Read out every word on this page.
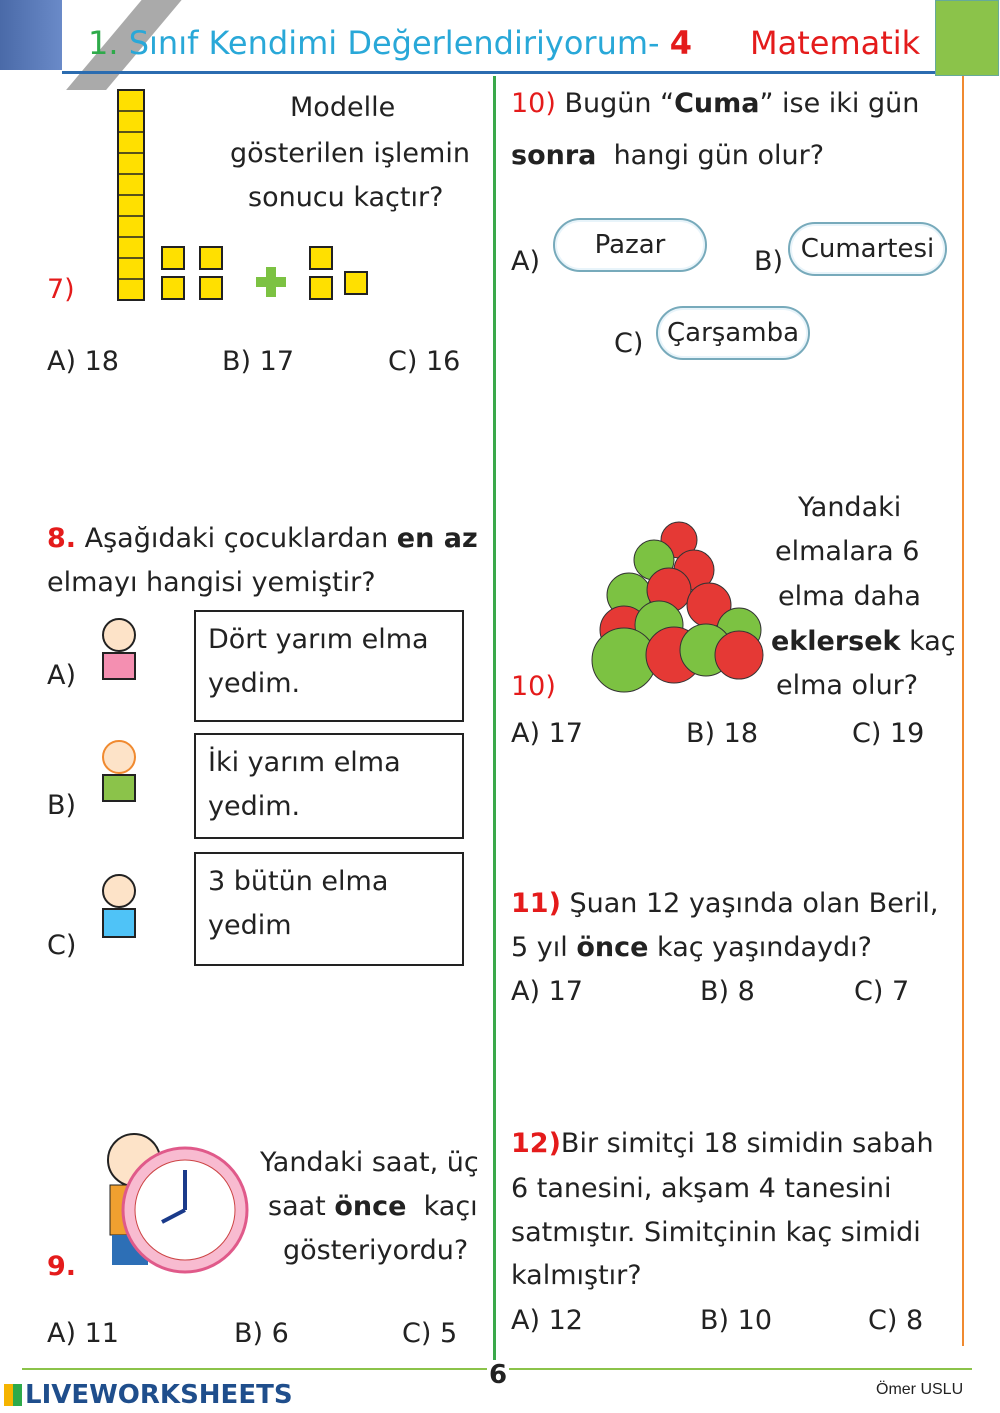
1. Sınıf Kendimi Değerlendiriyorum- 4 Matematik
Modelle
gösterilen işlemin
sonucu kaçtır?
7)
A) 18	B) 17	C) 16
8. Aşağıdaki çocuklardan en az
elmayı hangisi yemiştir?
A)
Dört yarım elma
yedim.
B)
İki yarım elma
yedim.
C)
3 bütün elma
yedim
9.
Yandaki saat, üç
saat önce kaçı
gösteriyordu?
A) 11	B) 6	C) 5
10) Bugün “Cuma” ise iki gün
sonra hangi gün olur?
A)
Pazar
B) Cumartesi
C) Çarşamba
Yandaki
elmalara 6
elma daha
eklersek kaç
10)	elma olur?
A) 17	B) 18	C) 19
11) Şuan 12 yaşında olan Beril,
5 yıl önce kaç yaşındaydı?
A) 17	B) 8	C) 7
12)Bir simitçi 18 simidin sabah
6 tanesini, akşam 4 tanesini
satmıştır. Simitçinin kaç simidi
kalmıştır?
A) 12	B) 10	C) 8
6
LIVEWORKSHEETS	Ömer USLU
